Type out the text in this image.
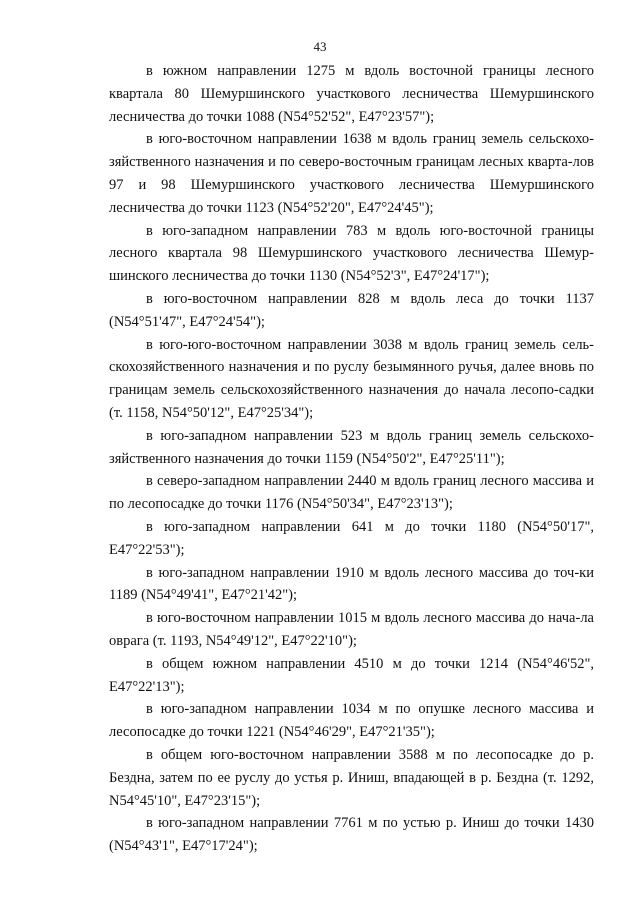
43

в южном направлении 1275 м вдоль восточной границы лесного квартала 80 Шемуршинского участкового лесничества Шемуршинского лесничества до точки 1088 (N54°52'52", E47°23'57");

в юго-восточном направлении 1638 м вдоль границ земель сельскохо-зяйственного назначения и по северо-восточным границам лесных кварта-лов 97 и 98 Шемуршинского участкового лесничества Шемуршинского лесничества до точки 1123 (N54°52'20", E47°24'45");

в юго-западном направлении 783 м вдоль юго-восточной границы лесного квартала 98 Шемуршинского участкового лесничества Шемур-шинского лесничества до точки 1130 (N54°52'3", E47°24'17");

в юго-восточном направлении 828 м вдоль леса до точки 1137 (N54°51'47", E47°24'54");

в юго-юго-восточном направлении 3038 м вдоль границ земель сель-скохозяйственного назначения и по руслу безымянного ручья, далее вновь по границам земель сельскохозяйственного назначения до начала лесопо-садки (т. 1158, N54°50'12", E47°25'34");

в юго-западном направлении 523 м вдоль границ земель сельскохо-зяйственного назначения до точки 1159 (N54°50'2", E47°25'11");

в северо-западном направлении 2440 м вдоль границ лесного массива и по лесопосадке до точки 1176 (N54°50'34", E47°23'13");

в юго-западном направлении 641 м до точки 1180 (N54°50'17", E47°22'53");

в юго-западном направлении 1910 м вдоль лесного массива до точ-ки 1189 (N54°49'41", E47°21'42");

в юго-восточном направлении 1015 м вдоль лесного массива до нача-ла оврага (т. 1193, N54°49'12", E47°22'10");

в общем южном направлении 4510 м до точки 1214 (N54°46'52", E47°22'13");

в юго-западном направлении 1034 м по опушке лесного массива и лесопосадке до точки 1221 (N54°46'29", E47°21'35");

в общем юго-восточном направлении 3588 м по лесопосадке до р. Бездна, затем по ее руслу до устья р. Иниш, впадающей в р. Бездна (т. 1292, N54°45'10", E47°23'15");

в юго-западном направлении 7761 м по устью р. Иниш до точки 1430 (N54°43'1", E47°17'24");
